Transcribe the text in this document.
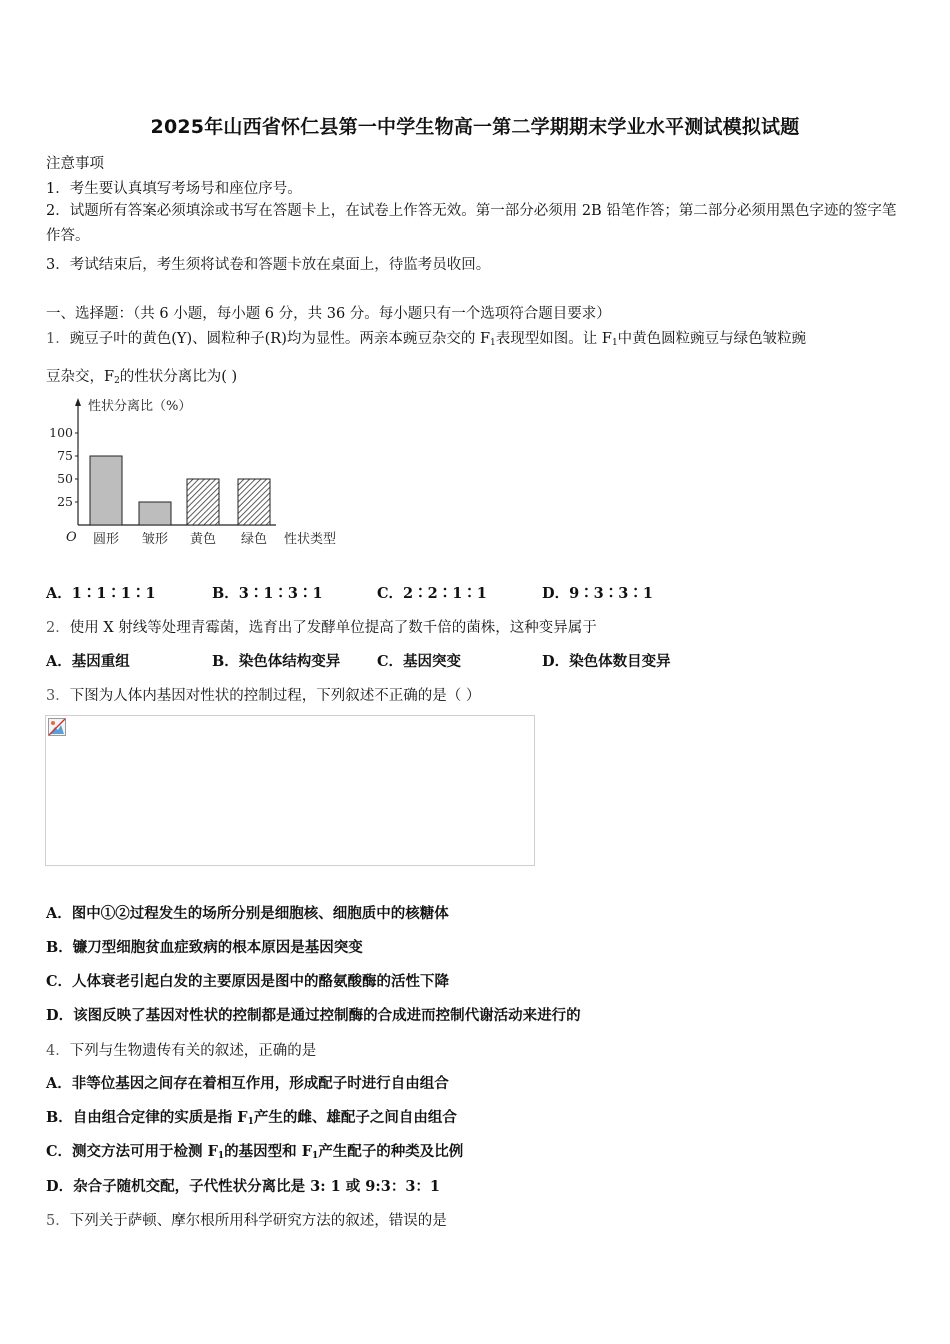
2025年山西省怀仁县第一中学生物高一第二学期期末学业水平测试模拟试题
注意事项
1．考生要认真填写考场号和座位序号。
2．试题所有答案必须填涂或书写在答题卡上，在试卷上作答无效。第一部分必须用 2B 铅笔作答；第二部分必须用黑色字迹的签字笔作答。
3．考试结束后，考生须将试卷和答题卡放在桌面上，待监考员收回。
一、选择题：（共 6 小题，每小题 6 分，共 36 分。每小题只有一个选项符合题目要求）
1．豌豆子叶的黄色(Y)、圆粒种子(R)均为显性。两亲本豌豆杂交的 $F_1$表现型如图。让 $F_1$中黄色圆粒豌豆与绿色皱粒豌
豆杂交，$F_2$的性状分离比为( )
性状分离比（%）
25
50
75
100
O 圆形 皱形 黄色 绿色 性状类型
A．1∶1∶1∶1	B．3∶1∶3∶1	C．2∶2∶1∶1	D．9∶3∶3∶1
2．使用 X 射线等处理青霉菌，选育出了发酵单位提高了数千倍的菌株，这种变异属于
A．基因重组	B．染色体结构变异	C．基因突变	D．染色体数目变异
3．下图为人体内基因对性状的控制过程，下列叙述不正确的是（ ）
A．图中①②过程发生的场所分别是细胞核、细胞质中的核糖体
B．镰刀型细胞贫血症致病的根本原因是基因突变
C．人体衰老引起白发的主要原因是图中的酪氨酸酶的活性下降
D．该图反映了基因对性状的控制都是通过控制酶的合成进而控制代谢活动来进行的
4．下列与生物遗传有关的叙述，正确的是
A．非等位基因之间存在着相互作用，形成配子时进行自由组合
B．自由组合定律的实质是指 $F_1$产生的雌、雄配子之间自由组合
C．测交方法可用于检测 $F_1$的基因型和 $F_1$产生配子的种类及比例
D．杂合子随机交配，子代性状分离比是 3: 1 或 9:3：3：1
5．下列关于萨顿、摩尔根所用科学研究方法的叙述，错误的是
